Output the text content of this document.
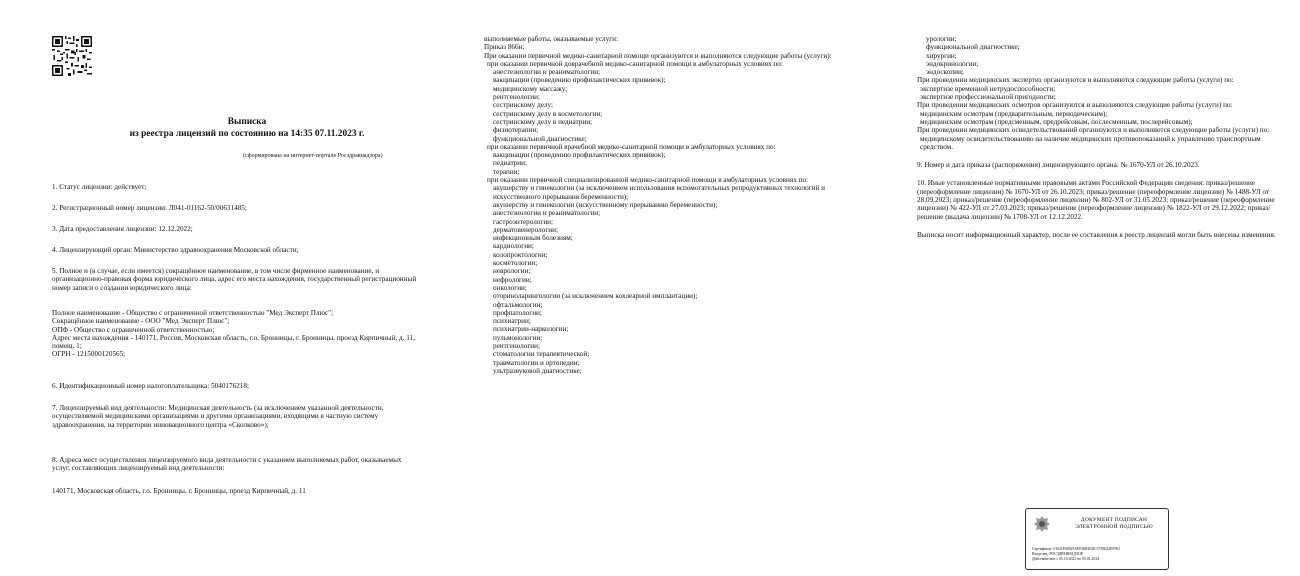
Выписка
из реестра лицензий по состоянию на 14:35 07.11.2023 г.
(сформирована на интернет-портале Росздравнадзора)
1. Статус лицензии: действует;
2. Регистрационный номер лицензии: Л041-01162-50/00631485;
3. Дата предоставления лицензии: 12.12.2022;
4. Лицензирующий орган: Министерство здравоохранения Московской области;
5. Полное и (в случае, если имеется) сокращённое наименование, в том числе фирменное наименование, и организационно-правовая форма юридического лица, адрес его места нахождения, государственный регистрационный номер записи о создании юридического лица:

Полное наименование - Общество с ограниченной ответственностью "Мед Эксперт Плюс";

Сокращённое наименование - ООО "Мед Эксперт Плюс";

ОПФ - Общество с ограниченной ответственностью;

Адрес места нахождения - 140171, Россия, Московская область, г.о. Бронницы, г. Бронницы, проезд Кирпичный, д. 11, помещ. 1;

ОГРН - 1215000120565;

6. Идентификационный номер налогоплательщика: 5040176218;
7. Лицензируемый вид деятельности: Медицинская деятельность (за исключением указанной деятельности, осуществляемой медицинскими организациями и другими организациями, входящими в частную систему здравоохранения, на территории инновационного центра «Сколково»);
8. Адреса мест осуществления лицензируемого вида деятельности с указанием выполняемых работ, оказываемых услуг, составляющих лицензируемый вид деятельности:
140171, Московская область, г.о. Бронницы, г. Бронницы, проезд Кирпичный, д. 11

выполняемые работы, оказываемые услуги:

Приказ 866н;

При оказании первичной медико-санитарной помощи организуются и выполняются следующие работы (услуги):

при оказании первичной доврачебной медико-санитарной помощи в амбулаторных условиях по:

анестезиологии и реаниматологии;

вакцинации (проведению профилактических прививок);

медицинскому массажу;

рентгенологии;

сестринскому делу;

сестринскому делу в косметологии;

сестринскому делу в педиатрии;

физиотерапии;

функциональной диагностике;

при оказании первичной врачебной медико-санитарной помощи в амбулаторных условиях по:

вакцинации (проведению профилактических прививок);

педиатрии;

терапии;

при оказании первичной специализированной медико-санитарной помощи в амбулаторных условиях по:

акушерству и гинекологии (за исключением использования вспомогательных репродуктивных технологий и искусственного прерывания беременности);

акушерству и гинекологии (искусственному прерыванию беременности);

анестезиологии и реаниматологии;

гастроэнтерологии;

дерматовенерологии;

инфекционным болезням;

кардиологии;

колопроктологии;

косметологии;

неврологии;

нефрологии;

онкологии;

оториноларингологии (за исключением кохлеарной имплантации);

офтальмологии;

профпатологии;

психиатрии;

психиатрии-наркологии;

пульмонологии;

рентгенологии;

стоматологии терапевтической;

травматологии и ортопедии;

ультразвуковой диагностике;

урологии;

функциональной диагностике;

хирургии;

эндокринологии;

эндоскопии;

При проведении медицинских экспертиз организуются и выполняются следующие работы (услуги) по:

экспертизе временной нетрудоспособности;

экспертизе профессиональной пригодности;

При проведении медицинских осмотров организуются и выполняются следующие работы (услуги) по:

медицинским осмотрам (предварительным, периодическим);

медицинским осмотрам (предсменным, предрейсовым, послесменным, послерейсовым);

При проведении медицинских освидетельствований организуются и выполняются следующие работы (услуги) по:

медицинскому освидетельствованию на наличие медицинских противопоказаний к управлению транспортным средством.

9. Номер и дата приказа (распоряжения) лицензирующего органа: № 1670-УЛ от 26.10.2023.

10. Иные установленные нормативными правовыми актами Российской Федерации сведения: приказ/решение (переоформление лицензии) № 1670-УЛ от 26.10.2023; приказ/решение (переоформление лицензии) № 1488-УЛ от 28.09.2023; приказ/решение (переоформление лицензии) № 802-УЛ от 31.05.2023; приказ/решение (переоформление лицензии) № 422-УЛ от 27.03.2023; приказ/решение (переоформление лицензии) № 1822-УЛ от 29.12.2022; приказ/решение (выдача лицензии) № 1708-УЛ от 12.12.2022.

Выписка носит информационный характер, после ее составления в реестр лицензий могли быть внесены изменения.

ДОКУМЕНТ ПОДПИСАН
ЭЛЕКТРОННОЙ ПОДПИСЬЮ
Сертификат: 01641F00025AFE8684EDC5783022EF961
Владелец: РОСЗДРАВНАДЗОР
Действителен: с 05.10.2022 по 05.01.2024
